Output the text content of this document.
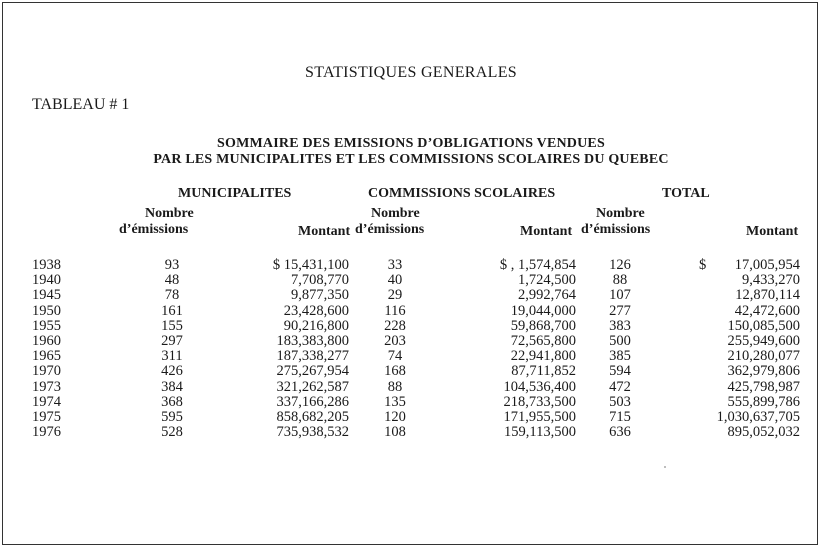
STATISTIQUES GENERALES
TABLEAU # 1
SOMMAIRE DES EMISSIONS D’OBLIGATIONS VENDUES
PAR LES MUNICIPALITES ET LES COMMISSIONS SCOLAIRES DU QUEBEC
MUNICIPALITES	COMMISSIONS SCOLAIRES	TOTAL
Nombre
d’émissions	Montant
Nombre
d’émissions	Montant
Nombre
d’émissions	Montant
1938	93	$ 15,431,100	33	$ , 1,574,854	126	17,005,954
1940	48	7,708,770	40	1,724,500	88	9,433,270
1945	78	9,877,350	29	2,992,764	107	12,870,114
1950	161	23,428,600	116	19,044,000	277	42,472,600
1955	155	90,216,800	228	59,868,700	383	150,085,500
1960	297	183,383,800	203	72,565,800	500	255,949,600
1965	311	187,338,277	74	22,941,800	385	210,280,077
1970	426	275,267,954	168	87,711,852	594	362,979,806
1973	384	321,262,587	88	104,536,400	472	425,798,987
1974	368	337,166,286	135	218,733,500	503	555,899,786
1975	595	858,682,205	120	171,955,500	715	1,030,637,705
1976	528	735,938,532	108	159,113,500	636	895,052,032
$
